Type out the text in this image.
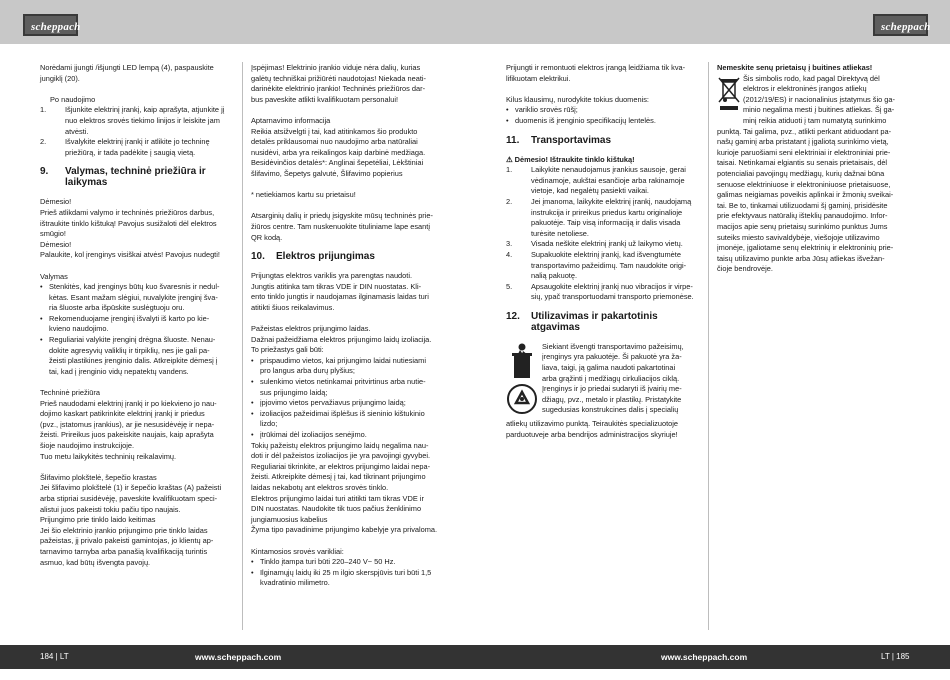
scheppach	scheppach

Norėdami įjungti /išjungti LED lempą (4), paspauskite

jungiklį (20).

Po naudojimo

1.	Išjunkite elektrinį įrankį, kaip aprašyta, atjunkite jį

nuo elektros srovės tiekimo linijos ir leiskite jam

atvėsti.

2.	Išvalykite elektrinį įrankį ir atlikite jo techninę

priežiūrą, ir tada padėkite į saugią vietą.

9.	Valymas, techninė priežiūra ir

laikymas

Dėmesio!

Prieš atlikdami valymo ir techninės priežiūros darbus,

ištraukite tinklo kištuką! Pavojus susižaloti dėl elektros

smūgio!

Dėmesio!

Palaukite, kol įrenginys visiškai atvės! Pavojus nudegti!

Valymas

• Stenkitės, kad įrenginys būtų kuo švaresnis ir nedul-

kėtas. Esant mažam slėgiui, nuvalykite įrenginį šva-

ria šluoste arba išpūskite suslėgtuoju oru.

• Rekomenduojame įrenginį išvalyti iš karto po kie-

kvieno naudojimo.

• Reguliariai valykite įrenginį drėgna šluoste. Nenau-

dokite agresyvių valiklių ir tirpiklių, nes jie gali pa-

žeisti plastikines įrenginio dalis. Atkreipkite dėmesį į

tai, kad į įrenginio vidų nepatektų vandens.

Techninė priežiūra

Prieš naudodami elektrinį įrankį ir po kiekvieno jo nau-

dojimo kaskart patikrinkite elektrinį įrankį ir priedus

(pvz., įstatomus įrankius), ar jie nesusidėvėję ir nepa-

žeisti. Prireikus juos pakeiskite naujais, kaip aprašyta

šioje naudojimo instrukcijoje.

Tuo metu laikykitės techninių reikalavimų.

Šlifavimo plokštelė, šepečio krastas

Jei šlifavimo plokštelė (1) ir šepečio kraštas (A) pažeisti

arba stipriai susidėvėję, paveskite kvalifikuotam speci-

alistui juos pakeisti tokiu pačiu tipo naujais.

Prijungimo prie tinklo laido keitimas

Jei šio elektrinio įrankio prijungimo prie tinklo laidas

pažeistas, jį privalo pakeisti gamintojas, jo klientų ap-

tarnavimo tarnyba arba panašią kvalifikaciją turintis

asmuo, kad būtų išvengta pavojų.

Įspėjimas! Elektrinio įrankio viduje nėra dalių, kurias

galėtų techniškai prižiūrėti naudotojas! Niekada neati-

darinėkite elektrinio įrankio! Techninės priežiūros dar-

bus paveskite atlikti kvalifikuotam personalui!

Aptarnavimo informacija

Reikia atsižvelgti į tai, kad atitinkamos šio produkto

detalės priklausomai nuo naudojimo arba natūraliai

nusidėvi, arba yra reikalingos kaip darbinė medžiaga.

Besidėvinčios detalės*: Anglinai šepetėliai, Lėkštiniai

šlifavimo, Šepetys galvutė, Šlifavimo popierius

* netiekiamos kartu su prietaisu!

Atsarginių dalių ir priedų įsigyskite mūsų techninės prie-

žiūros centre. Tam nuskenuokite tituliniame lape esantį

QR kodą.

10.	Elektros prijungimas

Prijungtas elektros variklis yra parengtas naudoti.

Jungtis atitinka tam tikras VDE ir DIN nuostatas. Kli-

ento tinklo jungtis ir naudojamas ilginamasis laidas turi

atitikti šiuos reikalavimus.

Pažeistas elektros prijungimo laidas.

Dažnai pažeidžiama elektros prijungimo laidų izoliacija.

To priežastys gali būti:

• prispaudimo vietos, kai prijungimo laidai nutiesiami

pro langus arba durų plyšius;

• sulenkimo vietos netinkamai pritvirtinus arba nutie-

sus prijungimo laidą;

• įpjovimo vietos pervažiavus prijungimo laidą;

• izoliacijos pažeidimai išplėšus iš sieninio kištukinio

lizdo;

• įtrūkimai dėl izoliacijos senėjimo.

Tokių pažeistų elektros prijungimo laidų negalima nau-

doti ir dėl pažeistos izoliacijos jie yra pavojingi gyvybei.

Reguliariai tikrinkite, ar elektros prijungimo laidai nepa-

žeisti. Atkreipkite dėmesį į tai, kad tikrinant prijungimo

laidas nekabotų ant elektros srovės tinklo.

Elektros prijungimo laidai turi atitikti tam tikras VDE ir

DIN nuostatas. Naudokite tik tuos pačius ženklinimo

jungiamuosius kabelius

Žyma tipo pavadinime prijungimo kabelyje yra privaloma.

Kintamosios srovės varikliai:

• Tinklo įtampa turi būti 220–240 V~ 50 Hz.

• Ilginamųjų laidų iki 25 m ilgio skerspjūvis turi būti 1,5

kvadratinio milimetro.

Prijungti ir remontuoti elektros įrangą leidžiama tik kva-

lifikuotam elektrikui.

Kilus klausimų, nurodykite tokius duomenis:

• variklio srovės rūšį;

• duomenis iš įrenginio specifikacijų lentelės.

11.	Transportavimas

⚠ Dėmesio! Ištraukite tinklo kištuką!

1.	Laikykite nenaudojamus įrankius sausoje, gerai

vėdinamoje, aukštai esančioje arba rakinamoje

vietoje, kad negalėtų pasiekti vaikai.

2.	Jei įmanoma, laikykite elektrinį įrankį, naudojamą

instrukcija ir prireikus priedus kartu originalioje

pakuotėje. Taip visą informaciją ir dalis visada

turėsite netoliese.

3.	Visada neškite elektrinį įrankį už laikymo vietų.

4.	Supakuokite elektrinį įrankį, kad išvengtumėte

transportavimo pažeidimų. Tam naudokite origi-

nalią pakuotę.

5.	Apsaugokite elektrinį įrankį nuo vibracijos ir virpe-

sių, ypač transportuodami transporto priemonėse.

12.	Utilizavimas ir pakartotinis

atgavimas

Siekiant išvengti transportavimo pažeisimų,

įrenginys yra pakuotėje. Ši pakuotė yra ža-

liava, taigi, ją galima naudoti pakartotinai

arba grąžinti į medžiagų cirkuliacijos ciklą.

Įrenginys ir jo priedai sudaryti iš įvairių me-

džiagų, pvz., metalo ir plastikų. Pristatykite

sugedusias konstrukcines dalis į specialių

atliekų utilizavimo punktą. Teiraukitės specializuotoje

parduotuveje arba bendrijos administracijos skyriuje!

Nemeskite senų prietaisų į buitines atliekas!

Šis simbolis rodo, kad pagal Direktyvą dėl

elektros ir elektroninės įrangos atliekų

(2012/19/ES) ir nacionalinius įstatymus šio ga-

minio negalima mesti į buitines atliekas. Šį ga-

minį reikia atiduoti į tam numatytą surinkimo

punktą. Tai galima, pvz., atlikti perkant atiduodant pa-

našų gaminį arba pristatant į įgaliotą surinkimo vietą,

kurioje paruošiami seni elektriniai ir elektroniniai prie-

taisai. Netinkamai elgiantis su senais prietaisais, dėl

potencialiai pavojingų medžiagų, kurių dažnai būna

senuose elektriniuose ir elektroniniuose prietaisuose,

galimas neigiamas poveikis aplinkai ir žmonių sveikai-

tai. Be to, tinkamai utilizuodami šį gaminį, prisidėsite

prie efektyvaus natūralių išteklių panaudojimo. Infor-

macijos apie senų prietaisų surinkimo punktus Jums

suteiks miesto savivaldybėje, viešojoje utilizavimo

įmonėje, įgaliotame senų elektrinių ir elektroninių prie-

taisų utilizavimo punkte arba Jūsų atliekas išvežan-

čioje bendrovėje.

184 | LT	www.scheppach.com	www.scheppach.com	LT | 185
